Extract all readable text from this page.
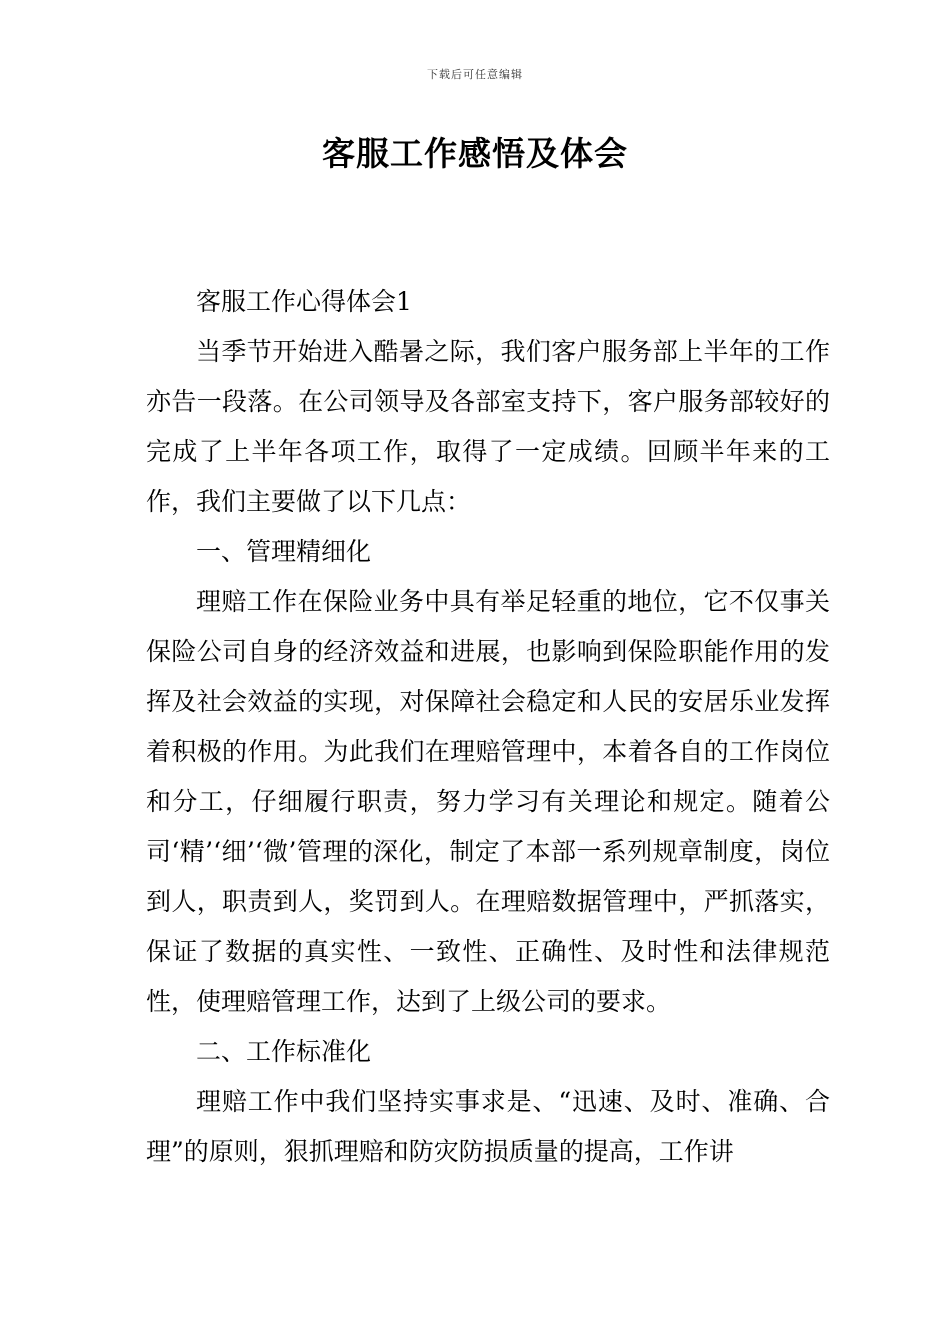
下载后可任意编辑
客服工作感悟及体会

客服工作心得体会1

当季节开始进入酷暑之际，我们客户服务部上半年的工作亦告一段落。在公司领导及各部室支持下，客户服务部较好的完成了上半年各项工作，取得了一定成绩。回顾半年来的工作，我们主要做了以下几点：

一、管理精细化

理赔工作在保险业务中具有举足轻重的地位，它不仅事关保险公司自身的经济效益和进展，也影响到保险职能作用的发挥及社会效益的实现，对保障社会稳定和人民的安居乐业发挥着积极的作用。为此我们在理赔管理中，本着各自的工作岗位和分工，仔细履行职责，努力学习有关理论和规定。随着公司‘精’‘细’‘微’管理的深化，制定了本部一系列规章制度，岗位到人，职责到人，奖罚到人。在理赔数据管理中，严抓落实，保证了数据的真实性、一致性、正确性、及时性和法律规范性，使理赔管理工作，达到了上级公司的要求。

二、工作标准化

理赔工作中我们坚持实事求是、“迅速、及时、准确、合理”的原则，狠抓理赔和防灾防损质量的提高，工作讲
